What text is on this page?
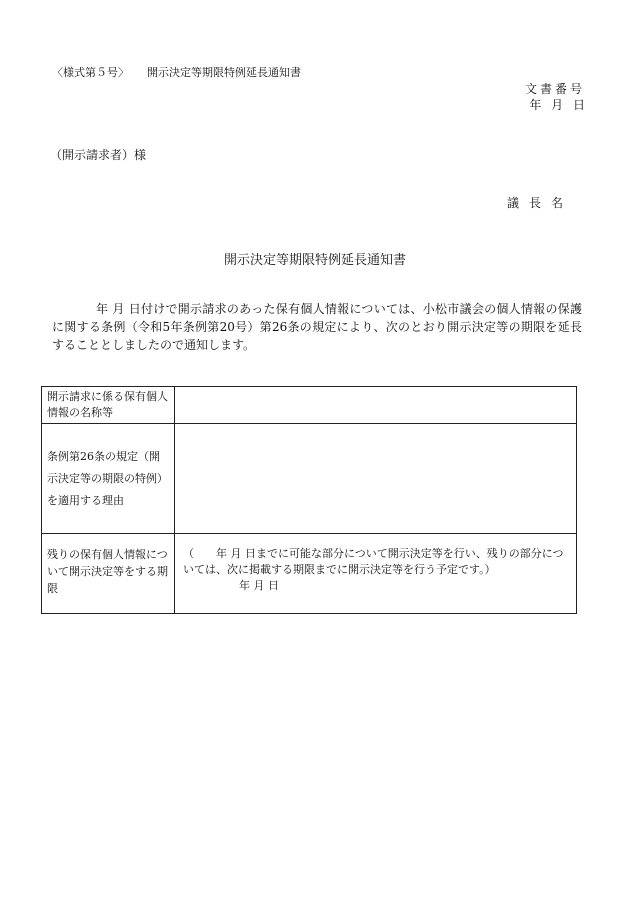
〈様式第５号〉 開示決定等期限特例延長通知書
文書番号
年 月 日
（開示請求者）様
議長名
開示決定等期限特例延長通知書
年 月 日付けで開示請求のあった保有個人情報については、小松市議会の個人情報の保護に関する条例（令和5年条例第20号）第26条の規定により、次のとおり開示決定等の期限を延長することとしましたので通知します。
開示請求に係る保有個人情報の名称等	
条例第26条の規定（開示決定等の期限の特例）を適用する理由	
残りの保有個人情報について開示決定等をする期限	（　　年 月 日までに可能な部分について開示決定等を行い、残りの部分については、次に掲載する期限までに開示決定等を行う予定です。）
年 月 日
